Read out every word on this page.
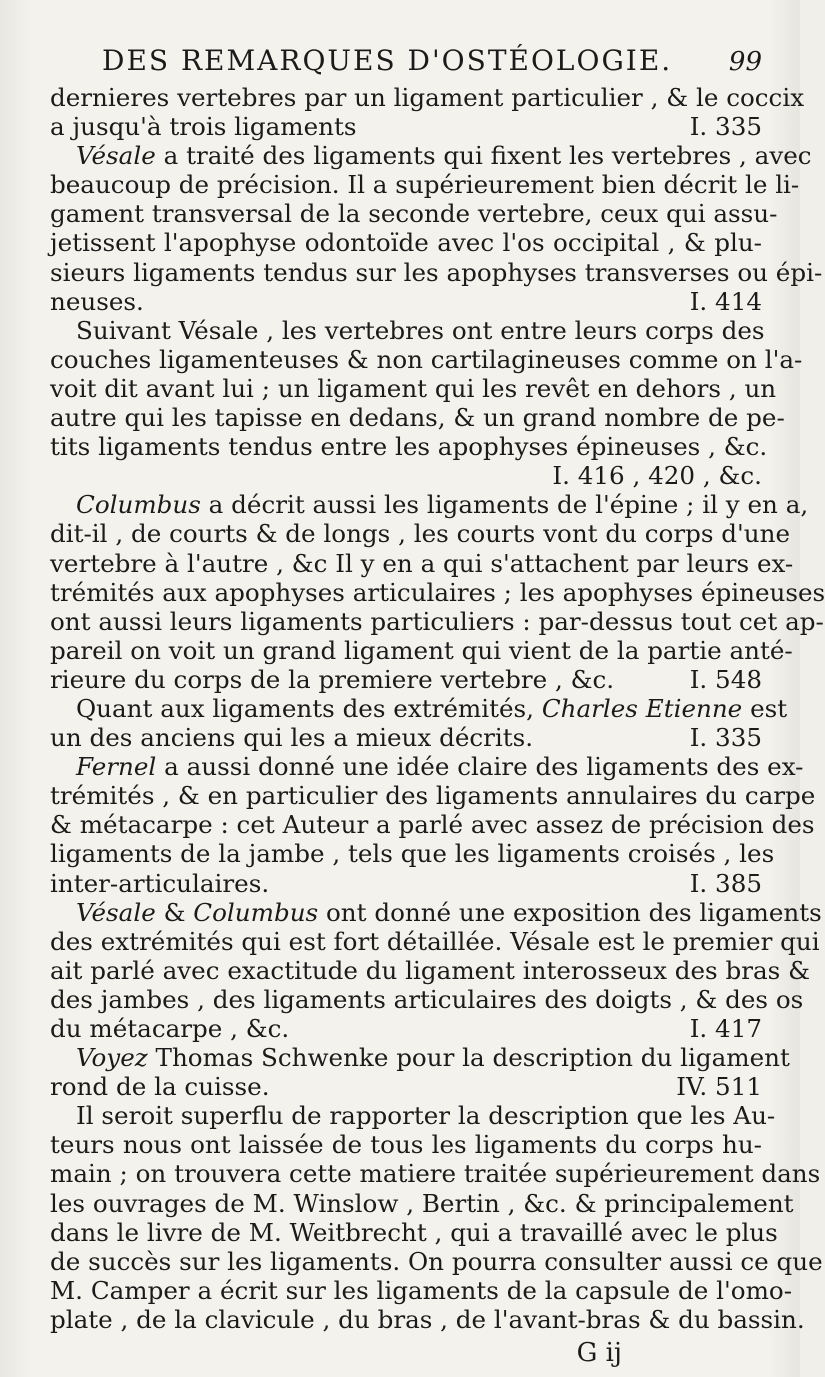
DES REMARQUES D'OSTÉOLOGIE. 99
dernieres vertebres par un ligament particulier , & le coccix
a jusqu'à trois ligaments	I. 335
Vésale a traité des ligaments qui fixent les vertebres , avec
beaucoup de précision. Il a supérieurement bien décrit le li-
gament transversal de la seconde vertebre, ceux qui assu-
jetissent l'apophyse odontoïde avec l'os occipital , & plu-
sieurs ligaments tendus sur les apophyses transverses ou épi-
neuses.	I. 414
Suivant Vésale , les vertebres ont entre leurs corps des
couches ligamenteuses & non cartilagineuses comme on l'a-
voit dit avant lui ; un ligament qui les revêt en dehors , un
autre qui les tapisse en dedans, & un grand nombre de pe-
tits ligaments tendus entre les apophyses épineuses , &c.
I. 416 , 420 , &c.
Columbus a décrit aussi les ligaments de l'épine ; il y en a,
dit-il , de courts & de longs , les courts vont du corps d'une
vertebre à l'autre , &c Il y en a qui s'attachent par leurs ex-
trémités aux apophyses articulaires ; les apophyses épineuses
ont aussi leurs ligaments particuliers : par-dessus tout cet ap-
pareil on voit un grand ligament qui vient de la partie anté-
rieure du corps de la premiere vertebre , &c.	I. 548
Quant aux ligaments des extrémités, Charles Etienne est
un des anciens qui les a mieux décrits.	I. 335
Fernel a aussi donné une idée claire des ligaments des ex-
trémités , & en particulier des ligaments annulaires du carpe
& métacarpe : cet Auteur a parlé avec assez de précision des
ligaments de la jambe , tels que les ligaments croisés , les
inter-articulaires.	I. 385
Vésale & Columbus ont donné une exposition des ligaments
des extrémités qui est fort détaillée. Vésale est le premier qui
ait parlé avec exactitude du ligament interosseux des bras &
des jambes , des ligaments articulaires des doigts , & des os
du métacarpe , &c.	I. 417
Voyez Thomas Schwenke pour la description du ligament
rond de la cuisse.	IV. 511
Il seroit superflu de rapporter la description que les Au-
teurs nous ont laissée de tous les ligaments du corps hu-
main ; on trouvera cette matiere traitée supérieurement dans
les ouvrages de M. Winslow , Bertin , &c. & principalement
dans le livre de M. Weitbrecht , qui a travaillé avec le plus
de succès sur les ligaments. On pourra consulter aussi ce que
M. Camper a écrit sur les ligaments de la capsule de l'omo-
plate , de la clavicule , du bras , de l'avant-bras & du bassin.
G ij
